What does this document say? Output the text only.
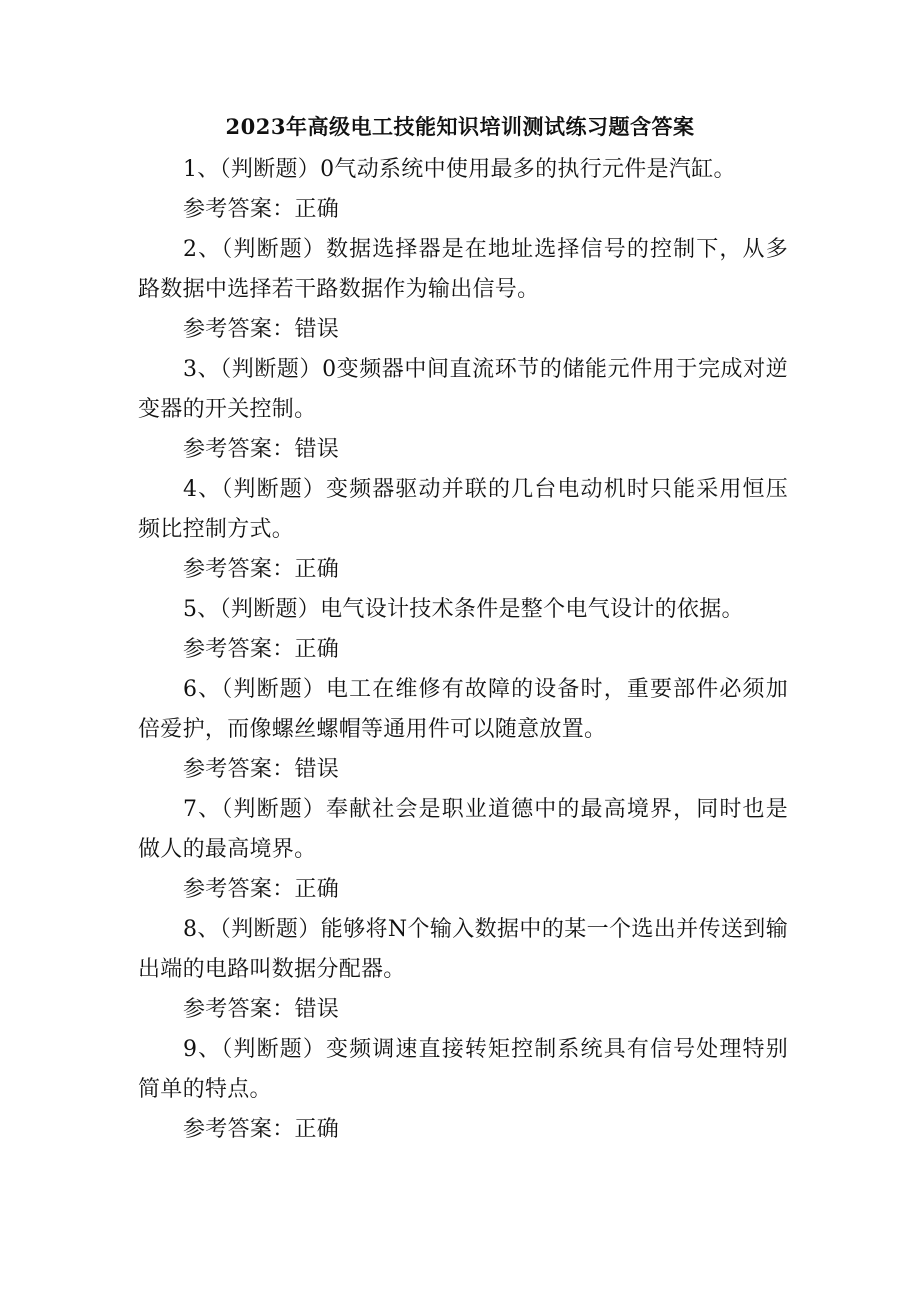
2023年高级电工技能知识培训测试练习题含答案

1、（判断题）0气动系统中使用最多的执行元件是汽缸。

参考答案：正确

2、（判断题）数据选择器是在地址选择信号的控制下，从多路数据中选择若干路数据作为输出信号。

参考答案：错误

3、（判断题）0变频器中间直流环节的储能元件用于完成对逆变器的开关控制。

参考答案：错误

4、（判断题）变频器驱动并联的几台电动机时只能采用恒压频比控制方式。

参考答案：正确

5、（判断题）电气设计技术条件是整个电气设计的依据。

参考答案：正确

6、（判断题）电工在维修有故障的设备时，重要部件必须加倍爱护，而像螺丝螺帽等通用件可以随意放置。

参考答案：错误

7、（判断题）奉献社会是职业道德中的最高境界，同时也是做人的最高境界。

参考答案：正确

8、（判断题）能够将N个输入数据中的某一个选出并传送到输出端的电路叫数据分配器。

参考答案：错误

9、（判断题）变频调速直接转矩控制系统具有信号处理特别简单的特点。

参考答案：正确
